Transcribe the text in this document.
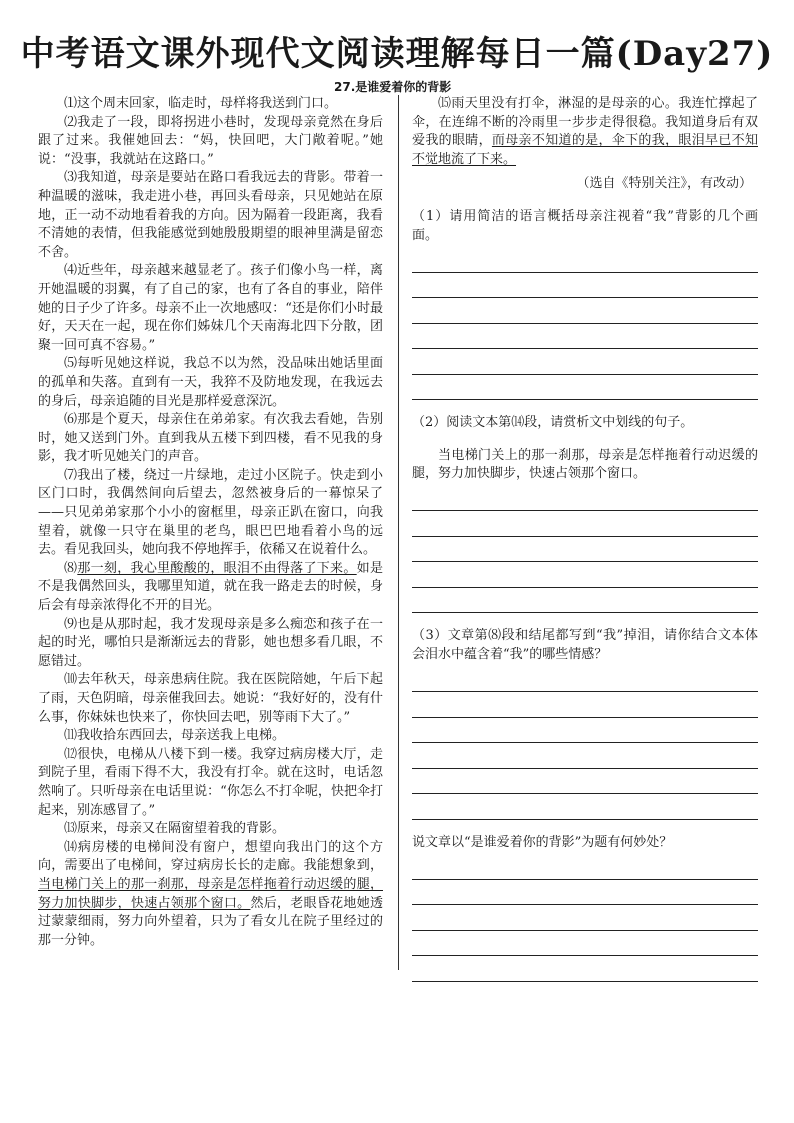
中考语文课外现代文阅读理解每日一篇(Day27)
27.是谁爱着你的背影

⑴这个周末回家，临走时，母样将我送到门口。

⑵我走了一段，即将拐进小巷时，发现母亲竟然在身后跟了过来。我催她回去：“妈，快回吧，大门敞着呢。”她说：“没事，我就站在这路口。”

⑶我知道，母亲是要站在路口看我远去的背影。带着一种温暖的滋味，我走进小巷，再回头看母亲，只见她站在原地，正一动不动地看着我的方向。因为隔着一段距离，我看不清她的表情，但我能感觉到她殷殷期望的眼神里满是留恋不舍。

⑷近些年，母亲越来越显老了。孩子们像小鸟一样，离开她温暖的羽翼，有了自己的家，也有了各自的事业，陪伴她的日子少了许多。母亲不止一次地感叹：“还是你们小时最好，天天在一起，现在你们姊妹几个天南海北四下分散，团聚一回可真不容易。”

⑸每听见她这样说，我总不以为然，没品味出她话里面的孤单和失落。直到有一天，我猝不及防地发现，在我远去的身后，母亲追随的目光是那样爱意深沉。

⑹那是个夏天，母亲住在弟弟家。有次我去看她，告别时，她又送到门外。直到我从五楼下到四楼，看不见我的身影，我才听见她关门的声音。

⑺我出了楼，绕过一片绿地，走过小区院子。快走到小区门口时，我偶然间向后望去，忽然被身后的一幕惊呆了——只见弟弟家那个小小的窗框里，母亲正趴在窗口，向我望着，就像一只守在巢里的老鸟，眼巴巴地看着小鸟的远去。看见我回头，她向我不停地挥手，依稀又在说着什么。

⑻那一刻，我心里酸酸的，眼泪不由得落了下来。如是不是我偶然回头，我哪里知道，就在我一路走去的时候，身后会有母亲浓得化不开的目光。

⑼也是从那时起，我才发现母亲是多么痴恋和孩子在一起的时光，哪怕只是渐渐远去的背影，她也想多看几眼，不愿错过。

⑽去年秋天，母亲患病住院。我在医院陪她，午后下起了雨，天色阴暗，母亲催我回去。她说：“我好好的，没有什么事，你妹妹也快来了，你快回去吧，别等雨下大了。”

⑾我收拾东西回去，母亲送我上电梯。

⑿很快，电梯从八楼下到一楼。我穿过病房楼大厅，走到院子里，看雨下得不大，我没有打伞。就在这时，电话忽然响了。只听母亲在电话里说：“你怎么不打伞呢，快把伞打起来，别冻感冒了。”

⒀原来，母亲又在隔窗望着我的背影。

⒁病房楼的电梯间没有窗户，想望向我出门的这个方向，需要出了电梯间，穿过病房长长的走廊。我能想象到，当电梯门关上的那一刹那，母亲是怎样拖着行动迟缓的腿，努力加快脚步，快速占领那个窗口。然后，老眼昏花地她透过蒙蒙细雨，努力向外望着，只为了看女儿在院子里经过的那一分钟。

⒂雨天里没有打伞，淋湿的是母亲的心。我连忙撑起了伞，在连绵不断的冷雨里一步步走得很稳。我知道身后有双爱我的眼睛，而母亲不知道的是，伞下的我，眼泪早已不知不觉地流了下来。

（选自《特别关注》，有改动）

（1）请用简洁的语言概括母亲注视着“我”背影的几个画面。

（2）阅读文本第⒁段，请赏析文中划线的句子。

当电梯门关上的那一刹那，母亲是怎样拖着行动迟缓的腿，努力加快脚步，快速占领那个窗口。

（3）文章第⑻段和结尾都写到“我”掉泪，请你结合文本体会泪水中蕴含着“我”的哪些情感？

说文章以“是谁爱着你的背影”为题有何妙处？
